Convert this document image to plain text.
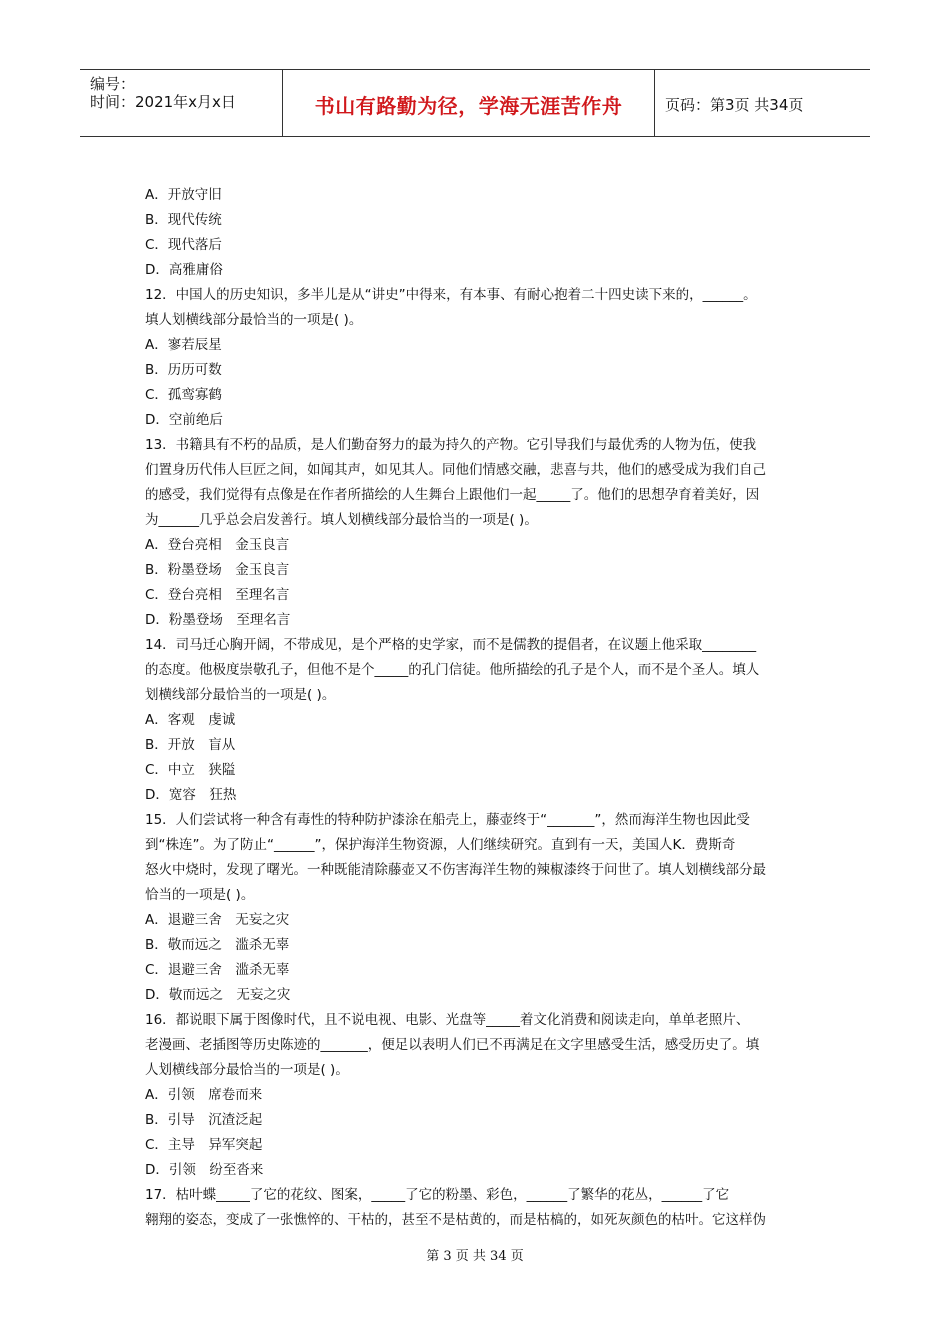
编号：
时间：2021年x月x日	书山有路勤为径，学海无涯苦作舟	页码：第3页 共34页
A．开放守旧
B．现代传统
C．现代落后
D．高雅庸俗
12．中国人的历史知识，多半儿是从“讲史”中得来，有本事、有耐心抱着二十四史读下来的，______。
填人划横线部分最恰当的一项是( )。
A．寥若辰星
B．历历可数
C．孤鸾寡鹤
D．空前绝后
13．书籍具有不朽的品质，是人们勤奋努力的最为持久的产物。它引导我们与最优秀的人物为伍，使我
们置身历代伟人巨匠之间，如闻其声，如见其人。同他们情感交融，悲喜与共，他们的感受成为我们自己
的感受，我们觉得有点像是在作者所描绘的人生舞台上跟他们一起_____了。他们的思想孕育着美好，因
为______几乎总会启发善行。填人划横线部分最恰当的一项是( )。
A．登台亮相　金玉良言
B．粉墨登场　金玉良言
C．登台亮相　至理名言
D．粉墨登场　至理名言
14．司马迁心胸开阔，不带成见，是个严格的史学家，而不是儒教的提倡者，在议题上他采取________
的态度。他极度崇敬孔子，但他不是个_____的孔门信徒。他所描绘的孔子是个人，而不是个圣人。填人
划横线部分最恰当的一项是( )。
A．客观　虔诚
B．开放　盲从
C．中立　狭隘
D．宽容　狂热
15．人们尝试将一种含有毒性的特种防护漆涂在船壳上，藤壶终于“_______”，然而海洋生物也因此受
到“株连”。为了防止“______”，保护海洋生物资源，人们继续研究。直到有一天，美国人K．费斯奇
怒火中烧时，发现了曙光。一种既能清除藤壶又不伤害海洋生物的辣椒漆终于问世了。填人划横线部分最
恰当的一项是( )。
A．退避三舍　无妄之灾
B．敬而远之　滥杀无辜
C．退避三舍　滥杀无辜
D．敬而远之　无妄之灾
16．都说眼下属于图像时代，且不说电视、电影、光盘等_____着文化消费和阅读走向，单单老照片、
老漫画、老插图等历史陈迹的_______，便足以表明人们已不再满足在文字里感受生活，感受历史了。填
人划横线部分最恰当的一项是( )。
A．引领　席卷而来
B．引导　沉渣泛起
C．主导　异军突起
D．引领　纷至沓来
17．枯叶蝶_____了它的花纹、图案，_____了它的粉墨、彩色，______了繁华的花丛，______了它
翱翔的姿态，变成了一张憔悴的、干枯的，甚至不是枯黄的，而是枯槁的，如死灰颜色的枯叶。它这样伪
第 3 页 共 34 页
